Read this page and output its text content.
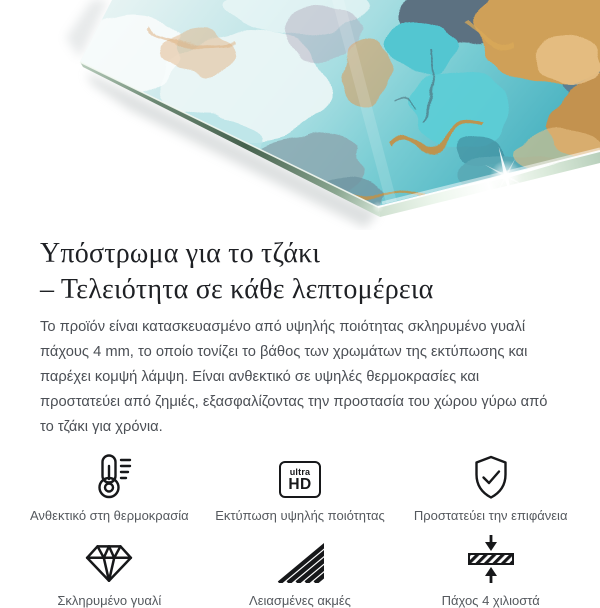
Υπόστρωμα για το τζάκι
– Τελειότητα σε κάθε λεπτομέρεια

Το προϊόν είναι κατασκευασμένο από υψηλής ποιότητας σκληρυμένο γυαλί πάχους 4 mm, το οποίο τονίζει το βάθος των χρωμάτων της εκτύπωσης και παρέχει κομψή λάμψη. Είναι ανθεκτικό σε υψηλές θερμοκρασίες και προστατεύει από ζημιές, εξασφαλίζοντας την προστασία του χώρου γύρω από το τζάκι για χρόνια.

Ανθεκτικό στη θερμοκρασία
ultra
HD
Εκτύπωση υψηλής ποιότητας Προστατεύει την επιφάνεια
Σκληρυμένο γυαλί	Λειασμένες ακμές	Πάχος 4 χιλιοστά
